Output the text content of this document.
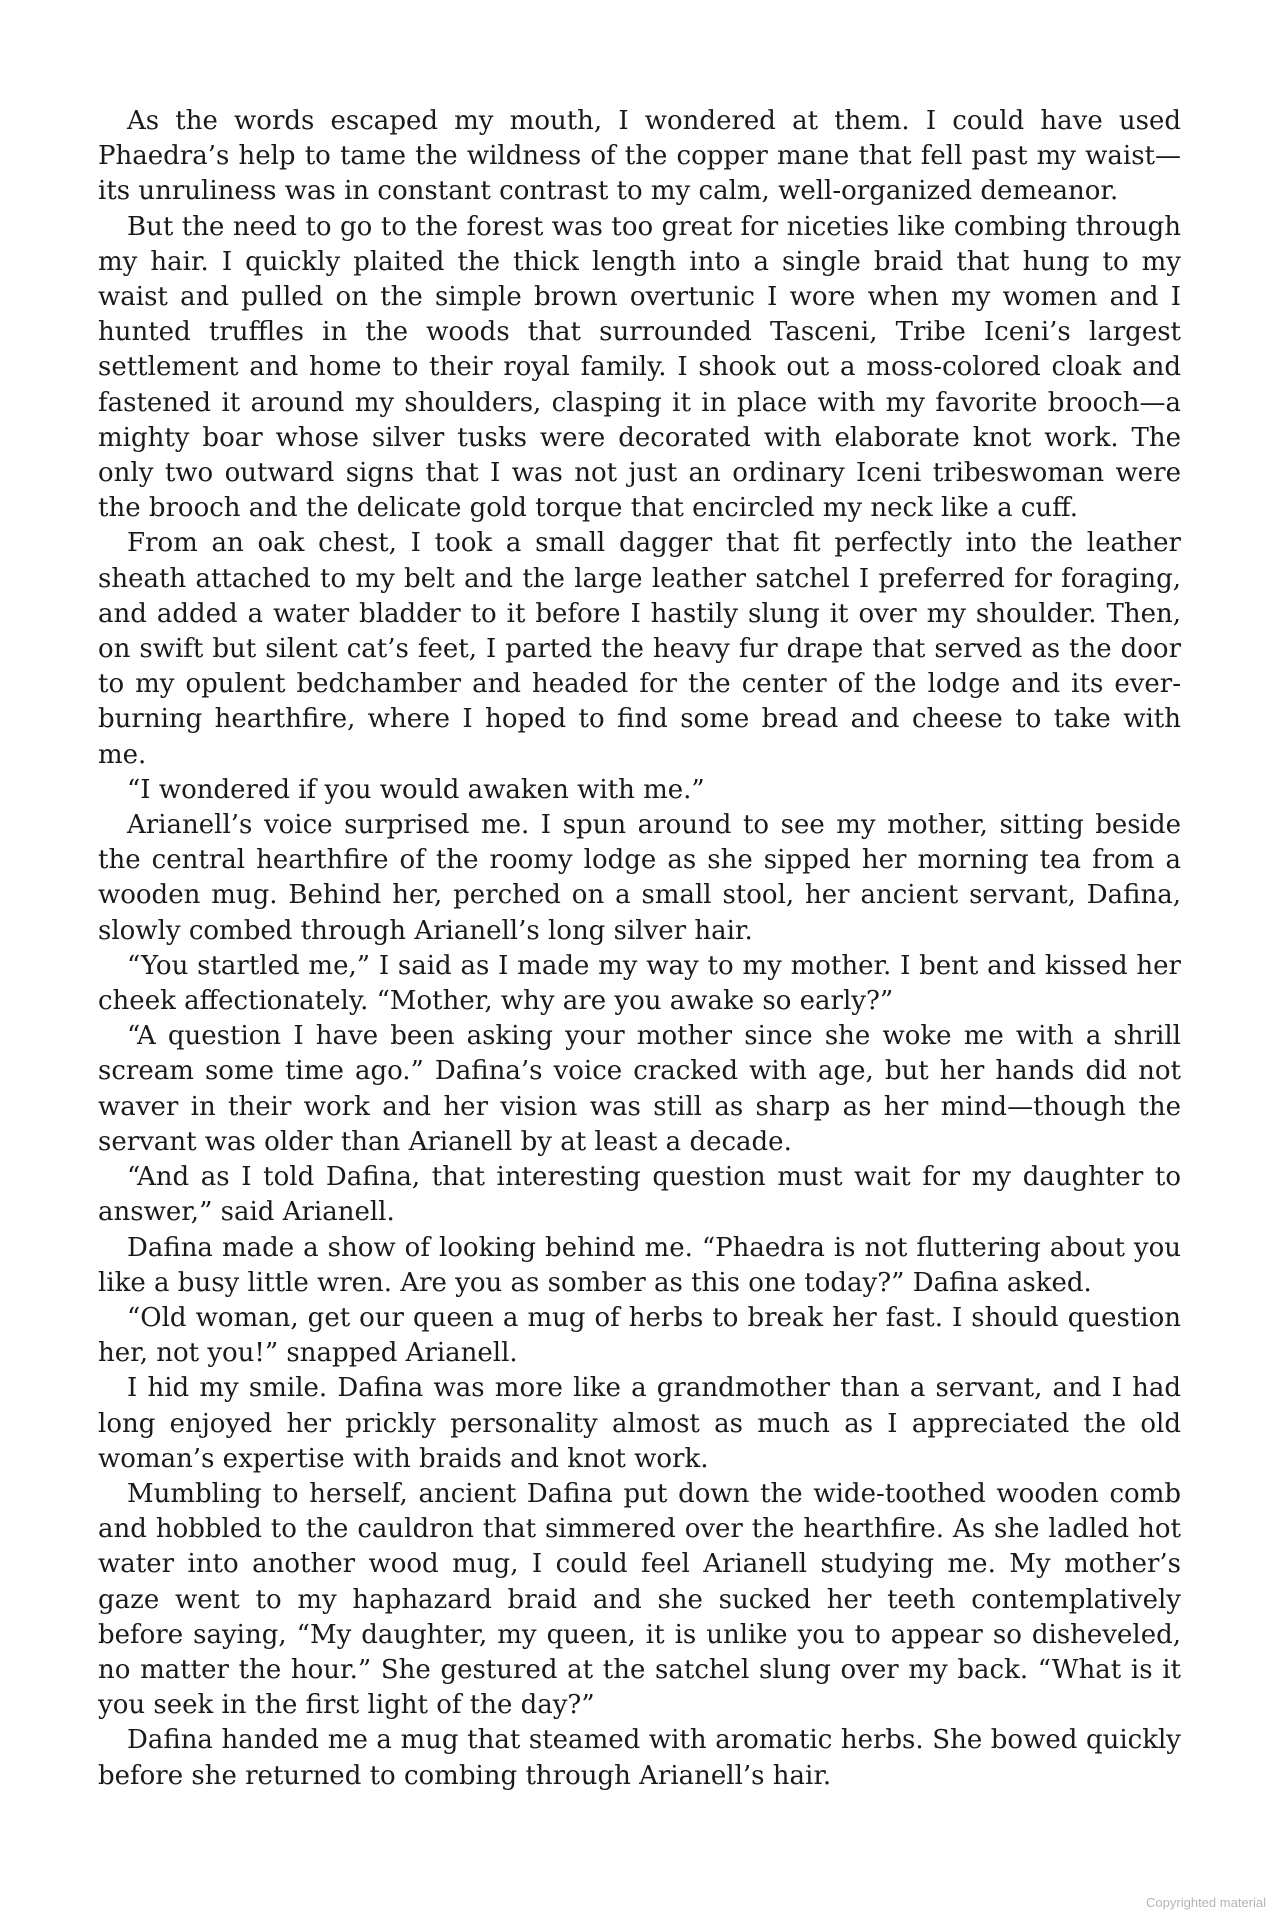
As the words escaped my mouth, I wondered at them. I could have used Phaedra’s help to tame the wildness of the copper mane that fell past my waist—its unruliness was in constant contrast to my calm, well-organized demeanor.

But the need to go to the forest was too great for niceties like combing through my hair. I quickly plaited the thick length into a single braid that hung to my waist and pulled on the simple brown overtunic I wore when my women and I hunted truffles in the woods that surrounded Tasceni, Tribe Iceni’s largest settlement and home to their royal family. I shook out a moss-colored cloak and fastened it around my shoulders, clasping it in place with my favorite brooch—a mighty boar whose silver tusks were decorated with elaborate knot work. The only two outward signs that I was not just an ordinary Iceni tribeswoman were the brooch and the delicate gold torque that encircled my neck like a cuff.

From an oak chest, I took a small dagger that fit perfectly into the leather sheath attached to my belt and the large leather satchel I preferred for foraging, and added a water bladder to it before I hastily slung it over my shoulder. Then, on swift but silent cat’s feet, I parted the heavy fur drape that served as the door to my opulent bedchamber and headed for the center of the lodge and its ever-burning hearthfire, where I hoped to find some bread and cheese to take with me.

“I wondered if you would awaken with me.”

Arianell’s voice surprised me. I spun around to see my mother, sitting beside the central hearthfire of the roomy lodge as she sipped her morning tea from a wooden mug. Behind her, perched on a small stool, her ancient servant, Dafina, slowly combed through Arianell’s long silver hair.

“You startled me,” I said as I made my way to my mother. I bent and kissed her cheek affectionately. “Mother, why are you awake so early?”

“A question I have been asking your mother since she woke me with a shrill scream some time ago.” Dafina’s voice cracked with age, but her hands did not waver in their work and her vision was still as sharp as her mind—though the servant was older than Arianell by at least a decade.

“And as I told Dafina, that interesting question must wait for my daughter to answer,” said Arianell.

Dafina made a show of looking behind me. “Phaedra is not fluttering about you like a busy little wren. Are you as somber as this one today?” Dafina asked.

“Old woman, get our queen a mug of herbs to break her fast. I should question her, not you!” snapped Arianell.

I hid my smile. Dafina was more like a grandmother than a servant, and I had long enjoyed her prickly personality almost as much as I appreciated the old woman’s expertise with braids and knot work.

Mumbling to herself, ancient Dafina put down the wide-toothed wooden comb and hobbled to the cauldron that simmered over the hearthfire. As she ladled hot water into another wood mug, I could feel Arianell studying me. My mother’s gaze went to my haphazard braid and she sucked her teeth contemplatively before saying, “My daughter, my queen, it is unlike you to appear so disheveled, no matter the hour.” She gestured at the satchel slung over my back. “What is it you seek in the first light of the day?”

Dafina handed me a mug that steamed with aromatic herbs. She bowed quickly before she returned to combing through Arianell’s hair.

Copyrighted material
